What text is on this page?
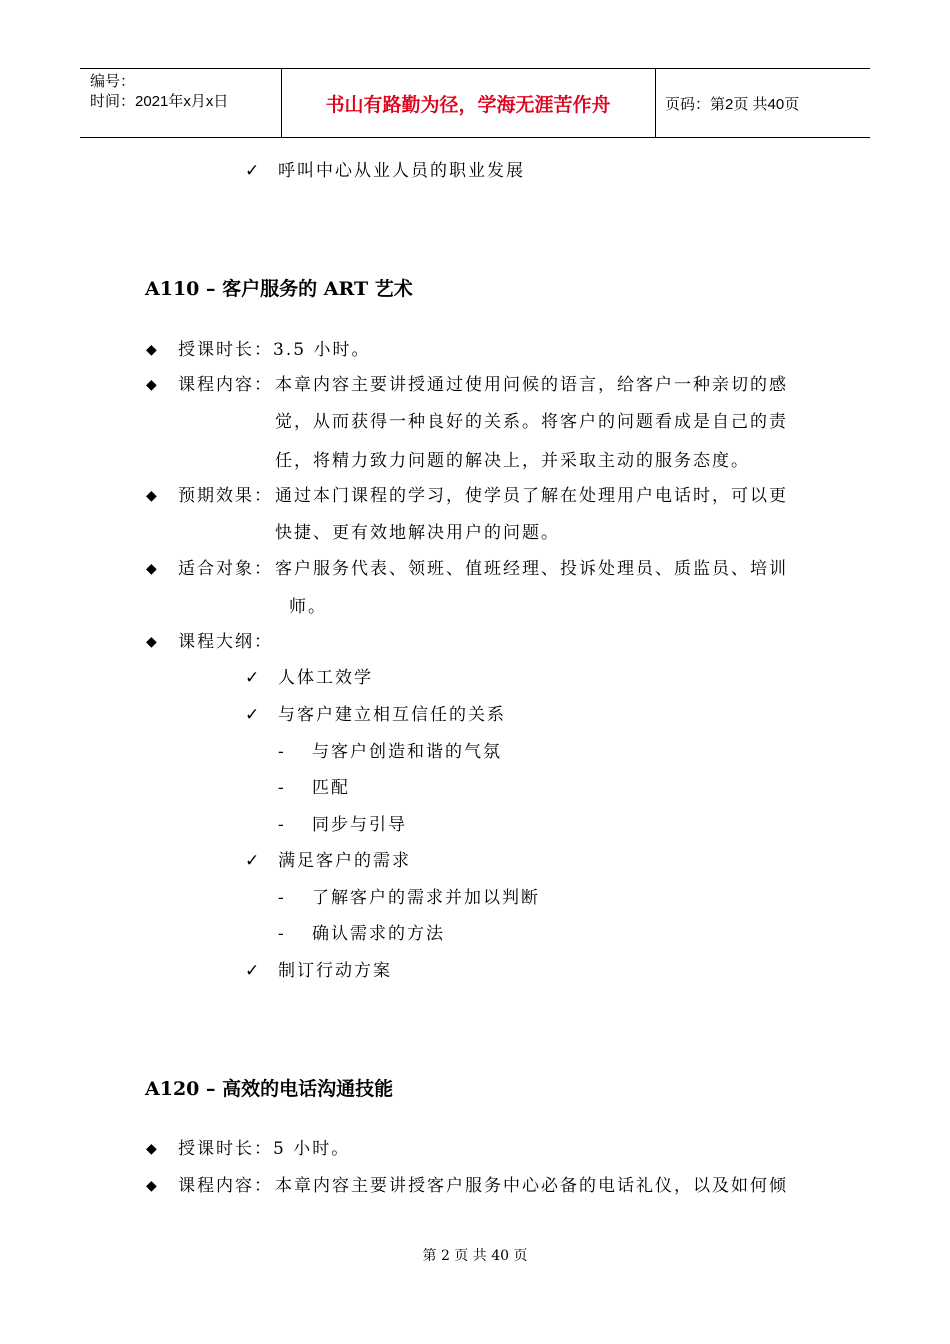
编号：
时间：2021年x月x日	书山有路勤为径，学海无涯苦作舟	页码：第2页 共40页
✓ 呼叫中心从业人员的职业发展
A110 – 客户服务的 ART 艺术
◆ 授课时长： 3.5 小时。
◆ 课程内容： 本章内容主要讲授通过使用问候的语言，给客户一种亲切的感
觉，从而获得一种良好的关系。将客户的问题看成是自己的责
任，将精力致力问题的解决上，并采取主动的服务态度。
◆ 预期效果： 通过本门课程的学习，使学员了解在处理用户电话时，可以更
快捷、更有效地解决用户的问题。
◆ 适合对象： 客户服务代表、领班、值班经理、投诉处理员、质监员、培训
师。
◆ 课程大纲：
✓ 人体工效学
✓ 与客户建立相互信任的关系
- 与客户创造和谐的气氛
- 匹配
- 同步与引导
✓ 满足客户的需求
- 了解客户的需求并加以判断
- 确认需求的方法
✓ 制订行动方案
A120 – 高效的电话沟通技能
◆ 授课时长： 5 小时。
◆ 课程内容： 本章内容主要讲授客户服务中心必备的电话礼仪，以及如何倾
第 2 页 共 40 页
